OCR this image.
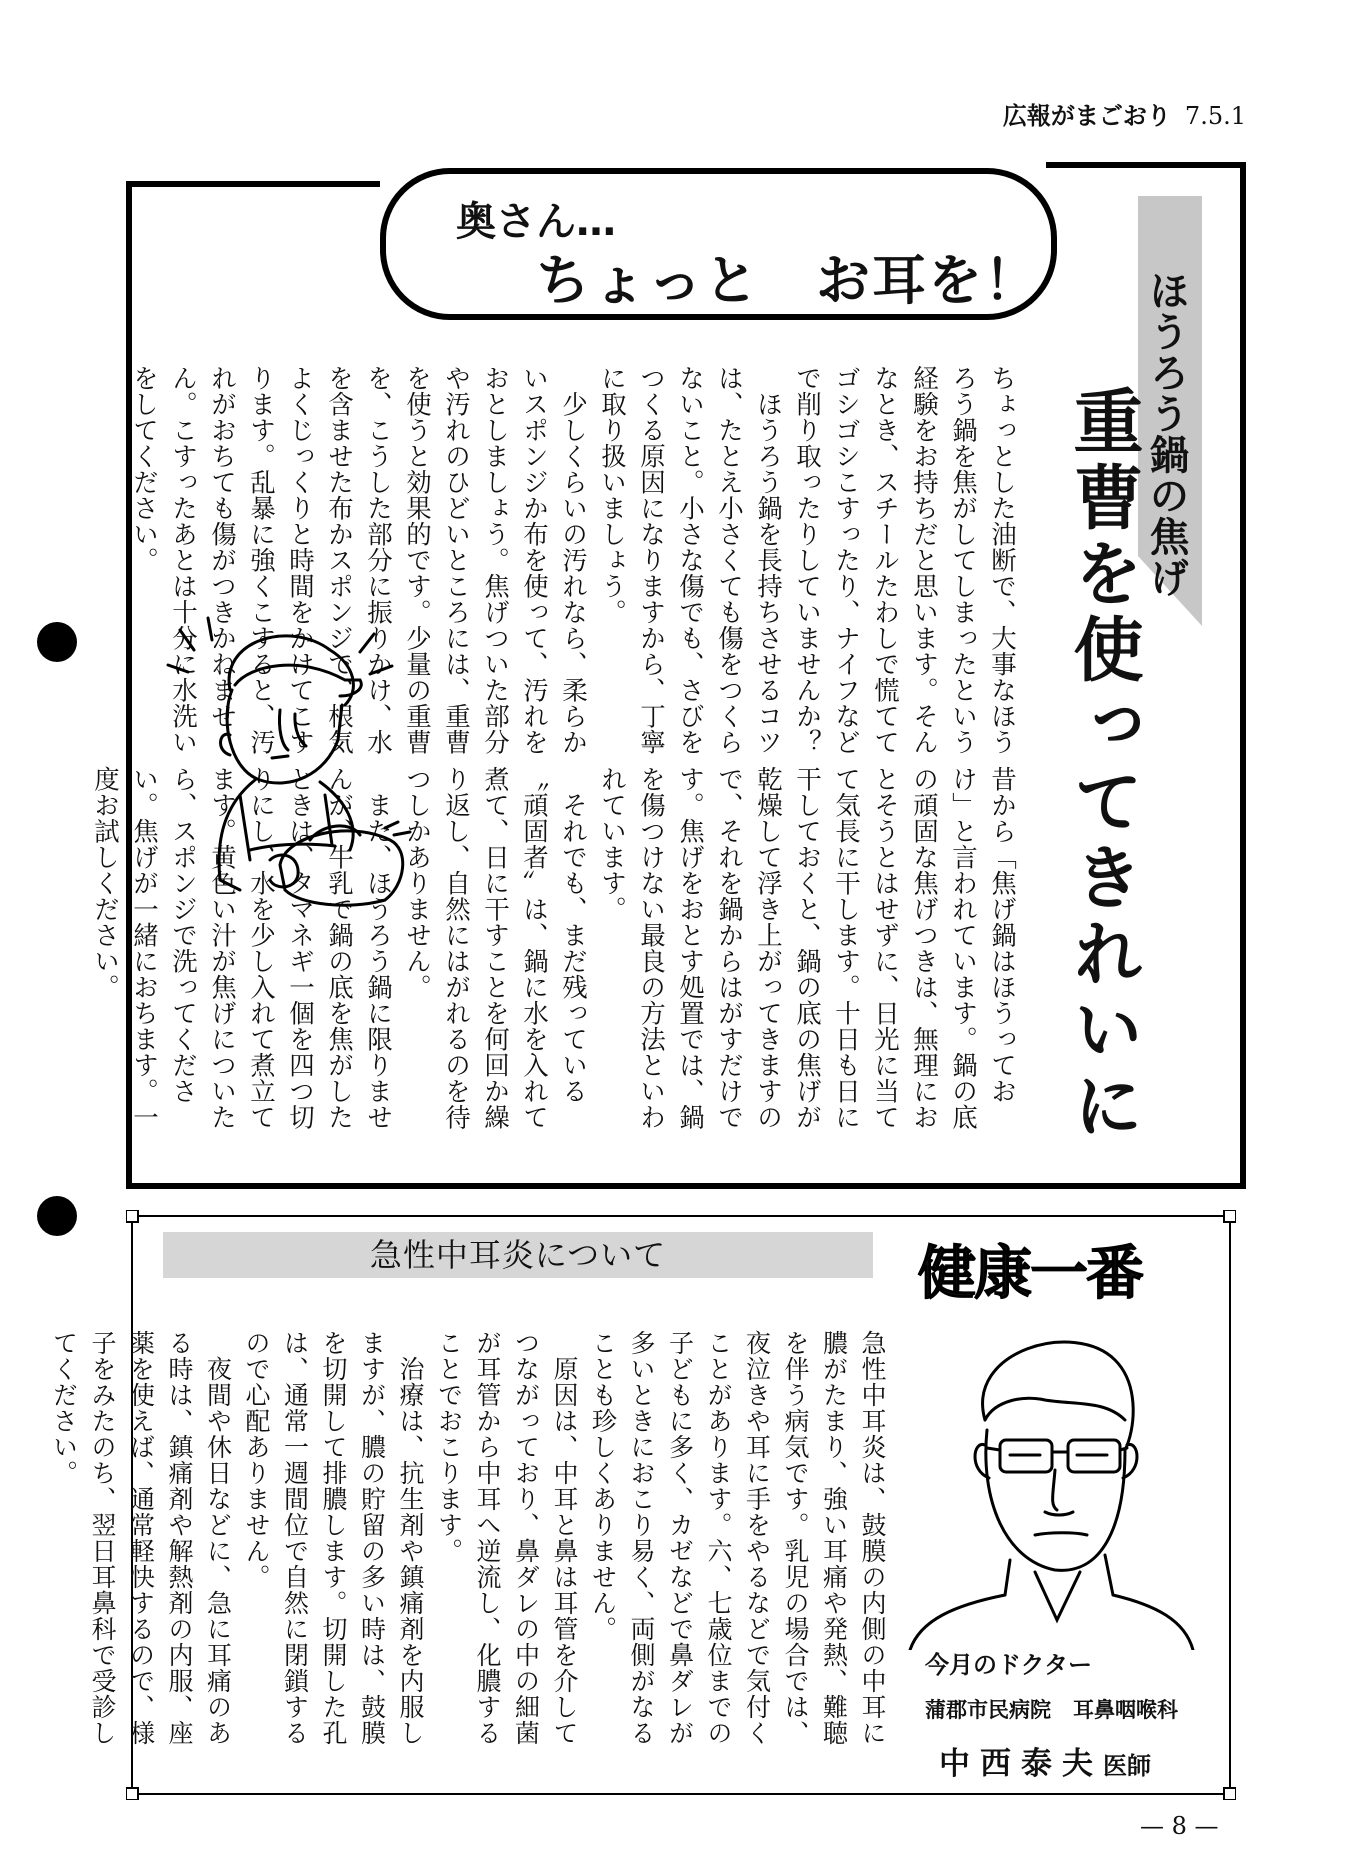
広報がまごおり 7.5.1
奥さん…
ちょっと　お耳を！	ほうろう鍋の焦げ
重曹を使ってきれいに
ちょっとした油断で、大事なほうろう鍋を焦がしてしまったという経験をお持ちだと思います。そんなとき、スチールたわしで慌ててゴシゴシこすったり、ナイフなどで削り取ったりしていませんか？
　ほうろう鍋を長持ちさせるコツは、たとえ小さくても傷をつくらないこと。小さな傷でも、さびをつくる原因になりますから、丁寧に取り扱いましょう。
　少しくらいの汚れなら、柔らかいスポンジか布を使って、汚れをおとしましょう。焦げついた部分や汚れのひどいところには、重曹を使うと効果的です。少量の重曹を、こうした部分に振りかけ、水を含ませた布かスポンジで、根気よくじっくりと時間をかけてこすります。乱暴に強くこすると、汚れがおちても傷がつきかねません。こすったあとは十分に水洗いをしてください。
昔から「焦げ鍋はほうっておけ」と言われています。鍋の底の頑固な焦げつきは、無理におとそうとはせずに、日光に当てて気長に干します。十日も日に干しておくと、鍋の底の焦げが乾燥して浮き上がってきますので、それを鍋からはがすだけです。焦げをおとす処置では、鍋を傷つけない最良の方法といわれています。
　それでも、まだ残っている〝頑固者〟は、鍋に水を入れて煮て、日に干すことを何回か繰り返し、自然にはがれるのを待つしかありません。
　また、ほうろう鍋に限りませんが、牛乳で鍋の底を焦がしたときは、タマネギ一個を四つ切りにし、水を少し入れて煮立てます。黄色い汁が焦げについたら、スポンジで洗ってください。焦げが一緒におちます。一度お試しください。
急性中耳炎について	健康一番
急性中耳炎は、鼓膜の内側の中耳に膿がたまり、強い耳痛や発熱、難聴を伴う病気です。乳児の場合では、夜泣きや耳に手をやるなどで気付くことがあります。六、七歳位までの子どもに多く、カゼなどで鼻ダレが多いときにおこり易く、両側がなることも珍しくありません。
　原因は、中耳と鼻は耳管を介してつながっており、鼻ダレの中の細菌が耳管から中耳へ逆流し、化膿することでおこります。
　治療は、抗生剤や鎮痛剤を内服しますが、膿の貯留の多い時は、鼓膜を切開して排膿します。切開した孔は、通常一週間位で自然に閉鎖するので心配ありません。
　夜間や休日などに、急に耳痛のある時は、鎮痛剤や解熱剤の内服、座薬を使えば、通常軽快するので、様子をみたのち、翌日耳鼻科で受診してください。
今月のドクター
蒲郡市民病院 耳鼻咽喉科
中西泰夫医師
— 8 —
